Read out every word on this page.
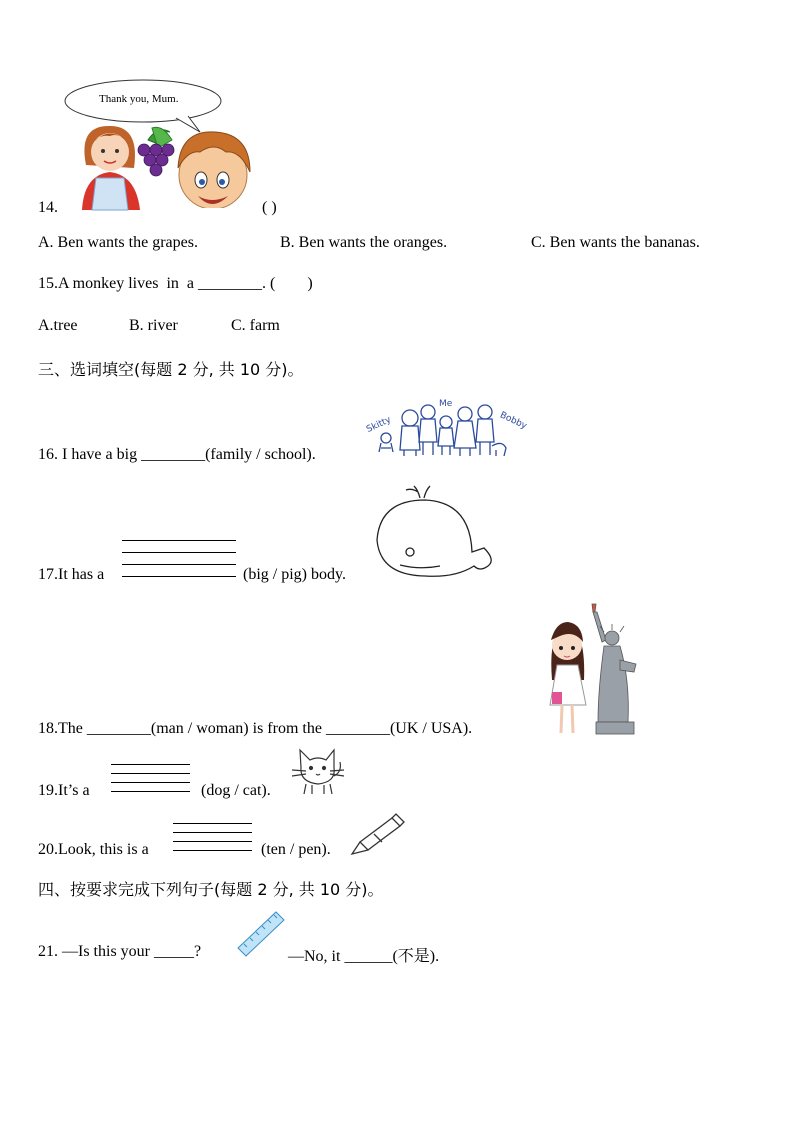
Thank you, Mum.
14.	( )
A. Ben wants the grapes.	B. Ben wants the oranges.	C. Ben wants the bananas.
15.A monkey lives  in  a ________. (        )
A.tree	B. river	C. farm
三、选词填空(每题 2 分, 共 10 分)。
Skitty
Me
Bobby
16. I have a big ________(family / school).
17.It has a	(big / pig) body.
18.The ________(man / woman) is from the ________(UK / USA).
19.It’s a	(dog / cat).
20.Look, this is a	(ten / pen).
四、按要求完成下列句子(每题 2 分, 共 10 分)。
21. —Is this your _____?	—No, it ______(不是).
